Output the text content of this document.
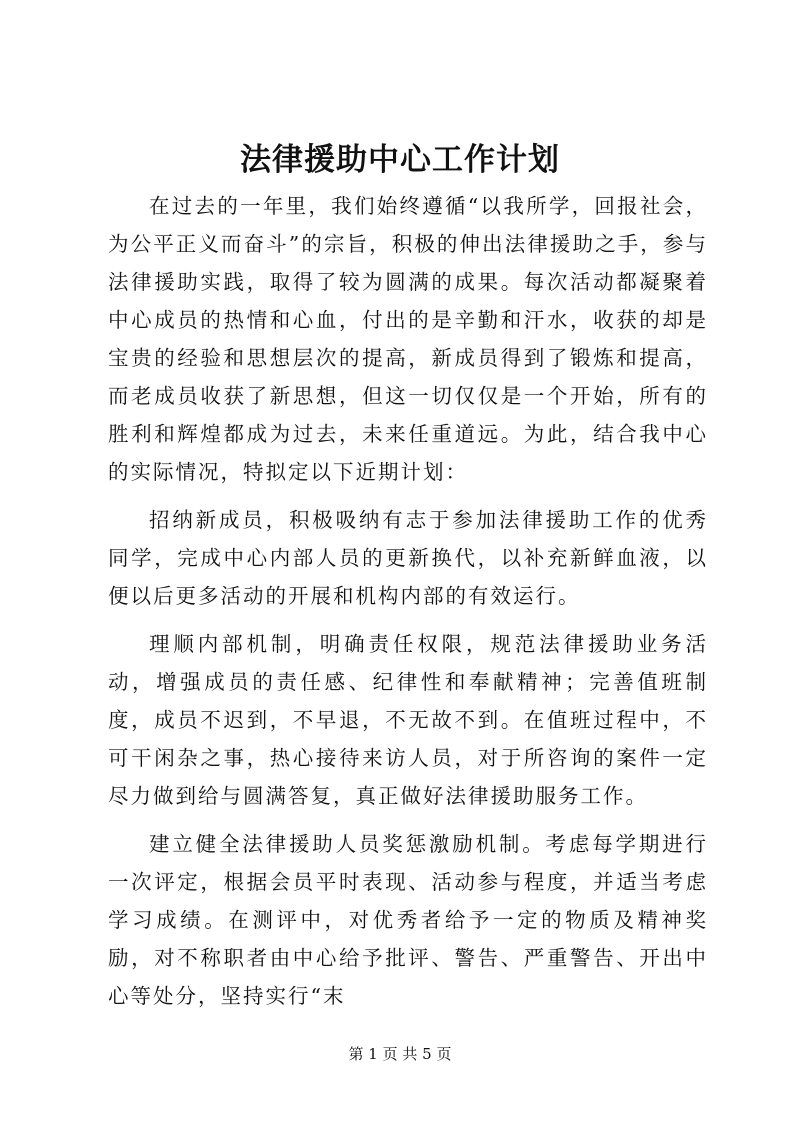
法律援助中心工作计划

在过去的一年里，我们始终遵循“以我所学，回报社会，为公平正义而奋斗”的宗旨，积极的伸出法律援助之手，参与法律援助实践，取得了较为圆满的成果。每次活动都凝聚着中心成员的热情和心血，付出的是辛勤和汗水，收获的却是宝贵的经验和思想层次的提高，新成员得到了锻炼和提高，而老成员收获了新思想，但这一切仅仅是一个开始，所有的胜利和辉煌都成为过去，未来任重道远。为此，结合我中心的实际情况，特拟定以下近期计划：

招纳新成员，积极吸纳有志于参加法律援助工作的优秀同学，完成中心内部人员的更新换代，以补充新鲜血液，以便以后更多活动的开展和机构内部的有效运行。

理顺内部机制，明确责任权限，规范法律援助业务活动，增强成员的责任感、纪律性和奉献精神；完善值班制度，成员不迟到，不早退，不无故不到。在值班过程中，不可干闲杂之事，热心接待来访人员，对于所咨询的案件一定尽力做到给与圆满答复，真正做好法律援助服务工作。

建立健全法律援助人员奖惩激励机制。考虑每学期进行一次评定，根据会员平时表现、活动参与程度，并适当考虑学习成绩。在测评中，对优秀者给予一定的物质及精神奖励，对不称职者由中心给予批评、警告、严重警告、开出中心等处分，坚持实行“末

第 1 页 共 5 页
